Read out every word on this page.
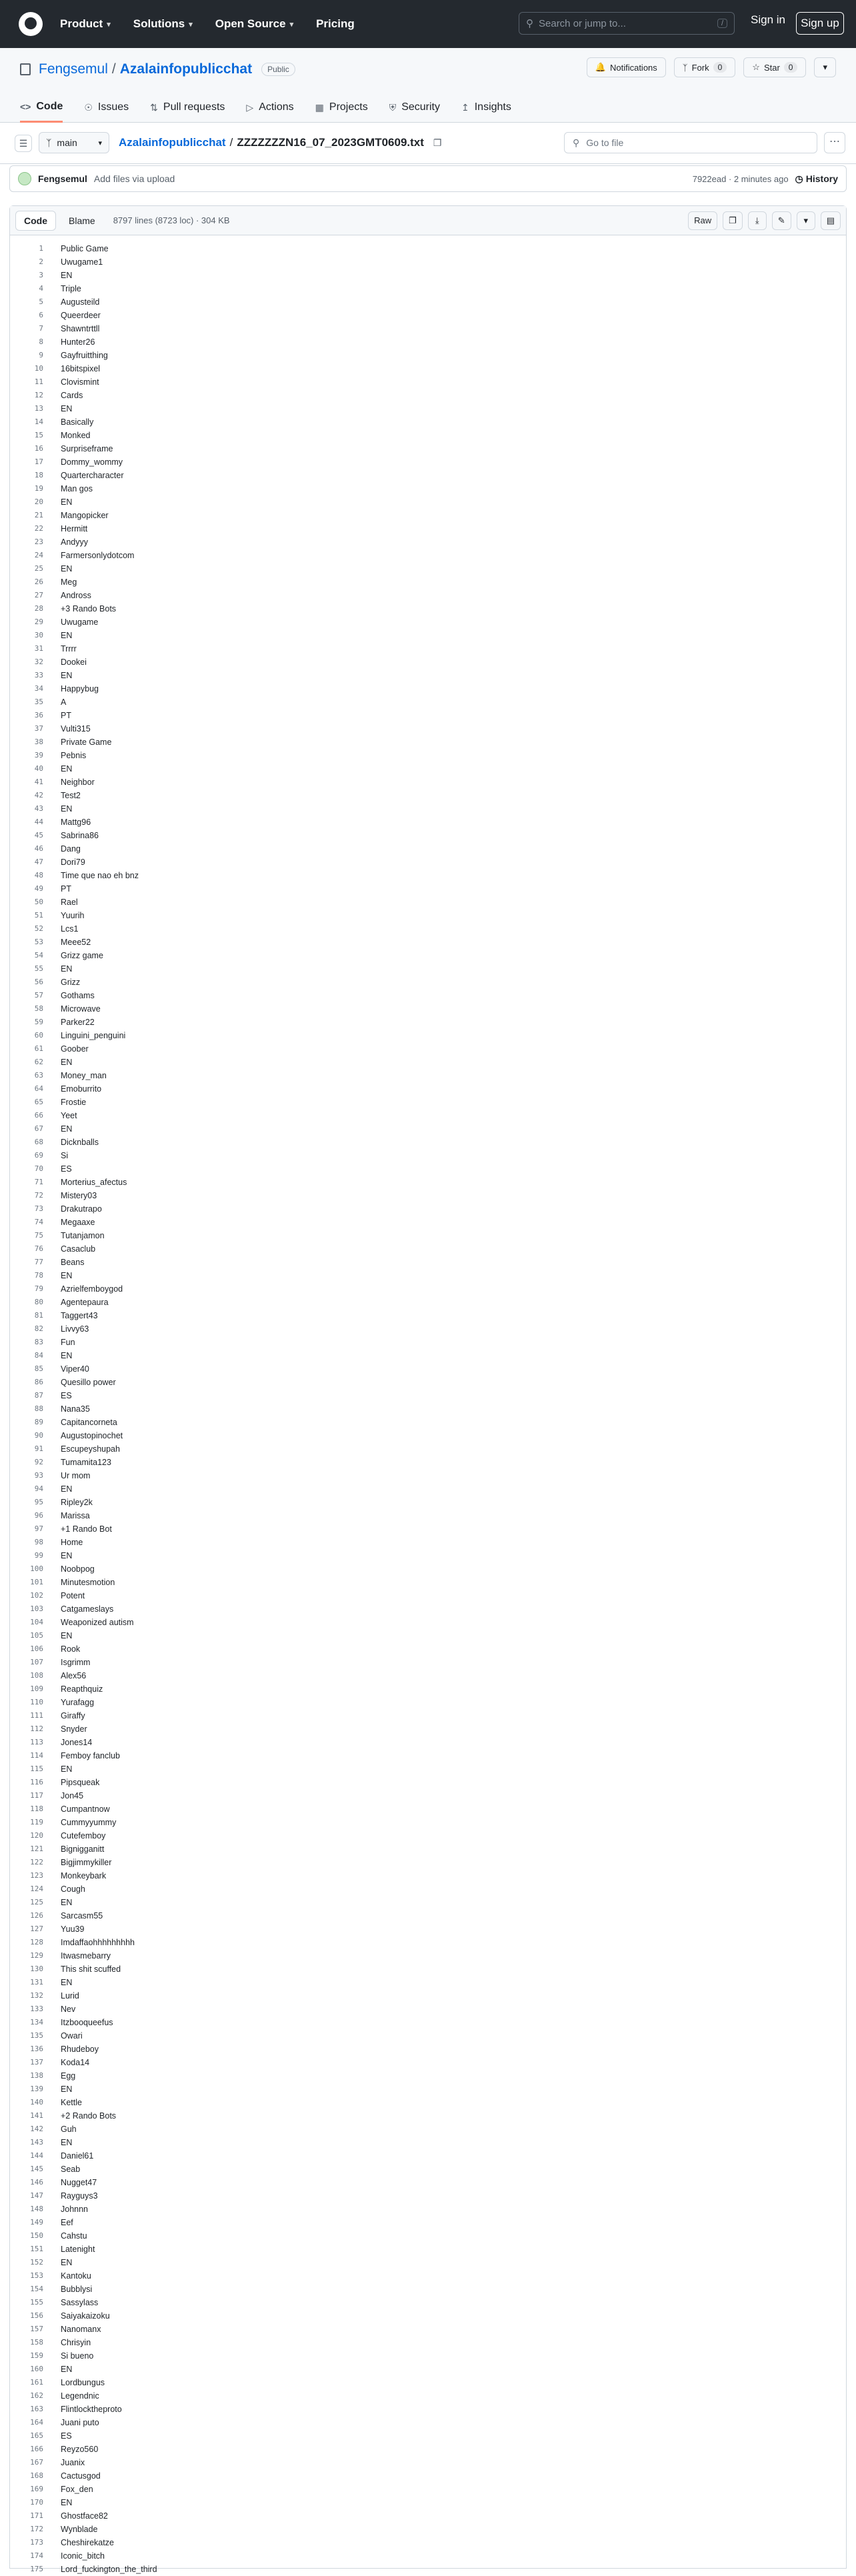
Product ▾ Solutions ▾ Open Source ▾ Pricing	⚲ Search or jump to...	/	Sign in	Sign up
Fengsemul / Azalainfopublicchat	Public	🔔 Notifications	ᛉ Fork	0	☆ Star	0	▾
<> Code ☉ Issues ⇅ Pull requests ▷ Actions ▦ Projects ⛨ Security ↥ Insights
☰	ᛉ main	▾ Azalainfopublicchat / ZZZZZZZN16_07_2023GMT0609.txt ❐	⚲ Go to file	⋯
Fengsemul Add files via upload	7922ead · 2 minutes ago ◷ History
Code	Blame	8797 lines (8723 loc) · 304 KB	Raw	❐	⤓	✎	▾	▤
1	Public Game
2	Uwugame1
3	EN
4	Triple
5	Augusteild
6	Queerdeer
7	Shawntrttll
8	Hunter26
9	Gayfruitthing
10	16bitspixel
11	Clovismint
12	Cards
13	EN
14	Basically
15	Monked
16	Surpriseframe
17	Dommy_wommy
18	Quartercharacter
19	Man gos
20	EN
21	Mangopicker
22	Hermitt
23	Andyyy
24	Farmersonlydotcom
25	EN
26	Meg
27	Andross
28	+3 Rando Bots
29	Uwugame
30	EN
31	Trrrr
32	Dookei
33	EN
34	Happybug
35	A
36	PT
37	Vulti315
38	Private Game
39	Pebnis
40	EN
41	Neighbor
42	Test2
43	EN
44	Mattg96
45	Sabrina86
46	Dang
47	Dori79
48	Time que nao eh bnz
49	PT
50	Rael
51	Yuurih
52	Lcs1
53	Meee52
54	Grizz game
55	EN
56	Grizz
57	Gothams
58	Microwave
59	Parker22
60	Linguini_penguini
61	Goober
62	EN
63	Money_man
64	Emoburrito
65	Frostie
66	Yeet
67	EN
68	Dicknballs
69	Si
70	ES
71	Morterius_afectus
72	Mistery03
73	Drakutrapo
74	Megaaxe
75	Tutanjamon
76	Casaclub
77	Beans
78	EN
79	Azrielfemboygod
80	Agentepaura
81	Taggert43
82	Livvy63
83	Fun
84	EN
85	Viper40
86	Quesillo power
87	ES
88	Nana35
89	Capitancorneta
90	Augustopinochet
91	Escupeyshupah
92	Tumamita123
93	Ur mom
94	EN
95	Ripley2k
96	Marissa
97	+1 Rando Bot
98	Home
99	EN
100	Noobpog
101	Minutesmotion
102	Potent
103	Catgameslays
104	Weaponized autism
105	EN
106	Rook
107	Isgrimm
108	Alex56
109	Reapthquiz
110	Yurafagg
111	Giraffy
112	Snyder
113	Jones14
114	Femboy fanclub
115	EN
116	Pipsqueak
117	Jon45
118	Cumpantnow
119	Cummyyummy
120	Cutefemboy
121	Bignigganitt
122	Bigjimmykiller
123	Monkeybark
124	Cough
125	EN
126	Sarcasm55
127	Yuu39
128	Imdaffaohhhhhhhhh
129	Itwasmebarry
130	This shit scuffed
131	EN
132	Lurid
133	Nev
134	Itzbooqueefus
135	Owari
136	Rhudeboy
137	Koda14
138	Egg
139	EN
140	Kettle
141	+2 Rando Bots
142	Guh
143	EN
144	Daniel61
145	Seab
146	Nugget47
147	Rayguys3
148	Johnnn
149	Eef
150	Cahstu
151	Latenight
152	EN
153	Kantoku
154	Bubblysi
155	Sassylass
156	Saiyakaizoku
157	Nanomanx
158	Chrisyin
159	Si bueno
160	EN
161	Lordbungus
162	Legendnic
163	Flintlocktheproto
164	Juani puto
165	ES
166	Reyzo560
167	Juanix
168	Cactusgod
169	Fox_den
170	EN
171	Ghostface82
172	Wynblade
173	Cheshirekatze
174	Iconic_bitch
175	Lord_fuckington_the_third
